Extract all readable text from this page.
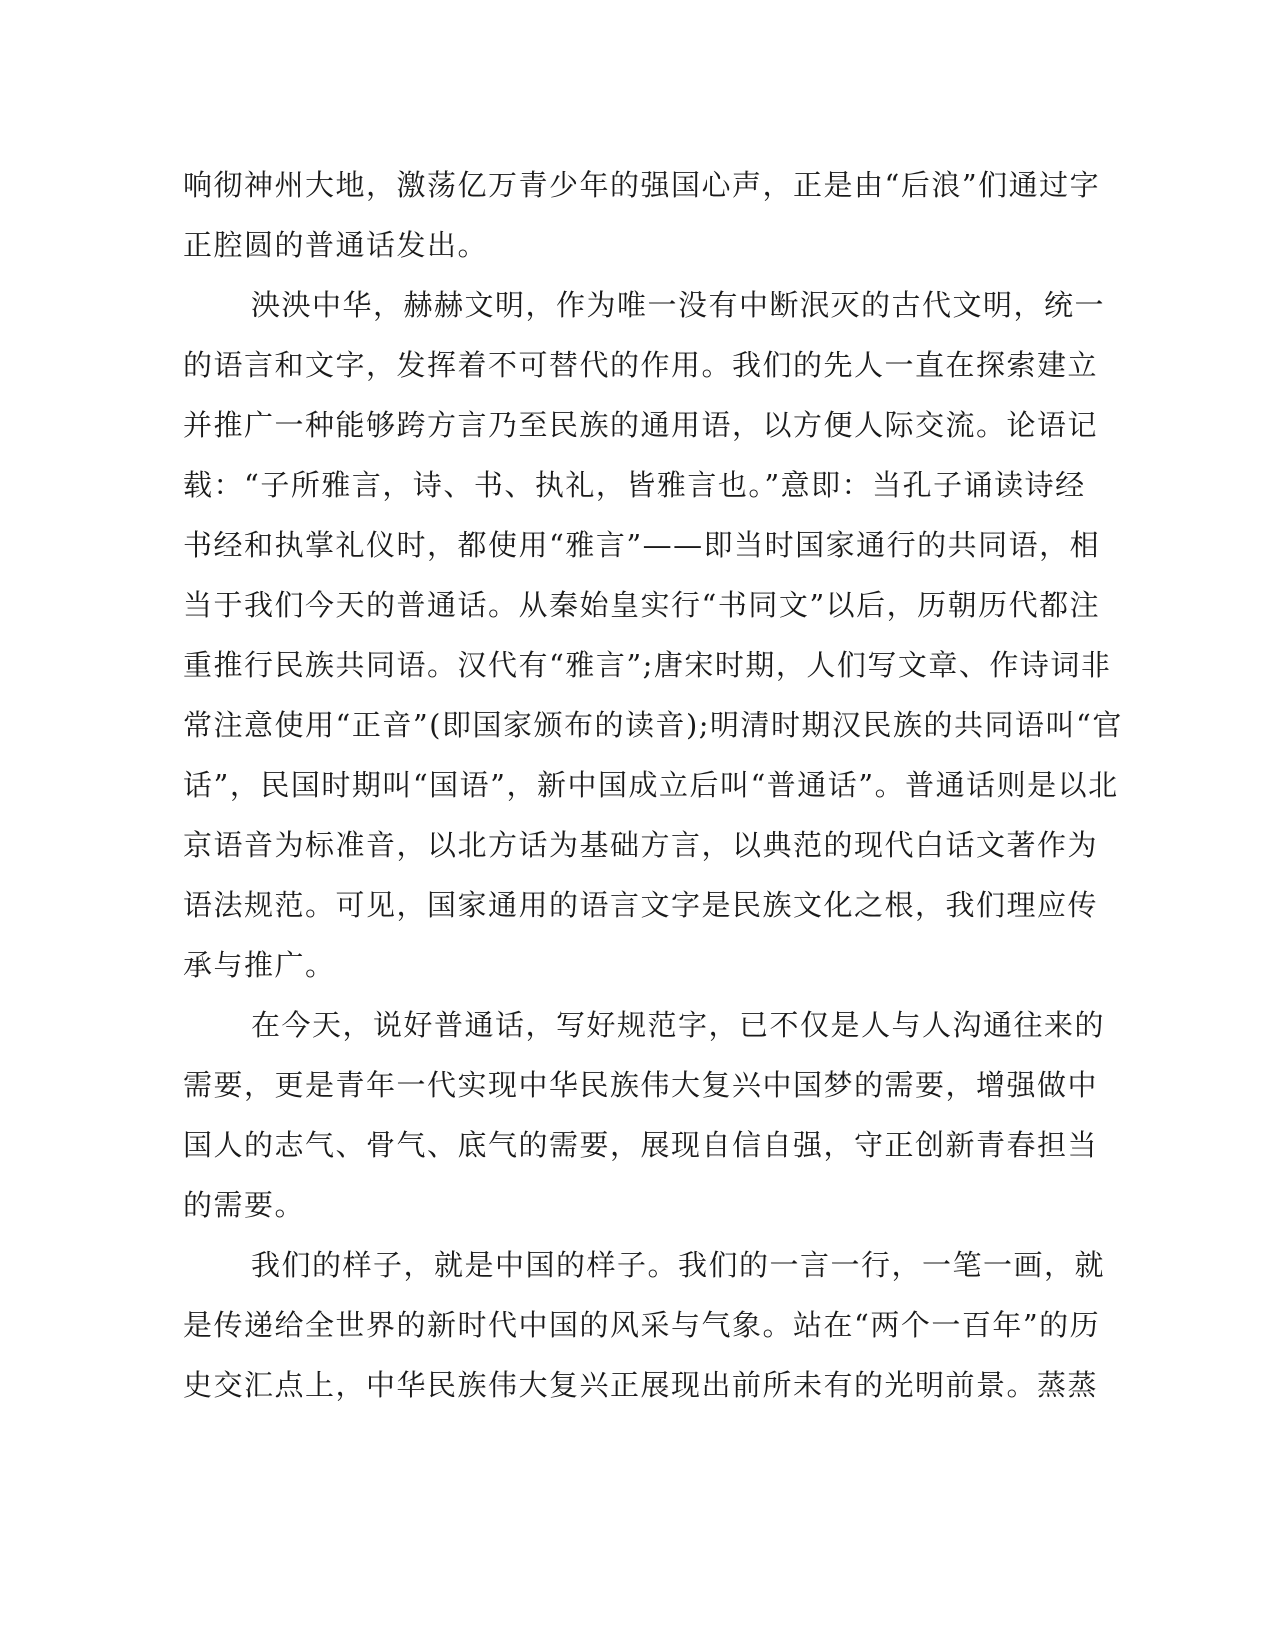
响彻神州大地，激荡亿万青少年的强国心声，正是由“后浪”们通过字
正腔圆的普通话发出。
泱泱中华，赫赫文明，作为唯一没有中断泯灭的古代文明，统一
的语言和文字，发挥着不可替代的作用。我们的先人一直在探索建立
并推广一种能够跨方言乃至民族的通用语，以方便人际交流。论语记
载：“子所雅言，诗、书、执礼，皆雅言也。”意即：当孔子诵读诗经
书经和执掌礼仪时，都使用“雅言”——即当时国家通行的共同语，相
当于我们今天的普通话。从秦始皇实行“书同文”以后，历朝历代都注
重推行民族共同语。汉代有“雅言”;唐宋时期，人们写文章、作诗词非
常注意使用“正音”(即国家颁布的读音);明清时期汉民族的共同语叫“官
话”，民国时期叫“国语”，新中国成立后叫“普通话”。普通话则是以北
京语音为标准音，以北方话为基础方言，以典范的现代白话文著作为
语法规范。可见，国家通用的语言文字是民族文化之根，我们理应传
承与推广。
在今天，说好普通话，写好规范字，已不仅是人与人沟通往来的
需要，更是青年一代实现中华民族伟大复兴中国梦的需要，增强做中
国人的志气、骨气、底气的需要，展现自信自强，守正创新青春担当
的需要。
我们的样子，就是中国的样子。我们的一言一行，一笔一画，就
是传递给全世界的新时代中国的风采与气象。站在“两个一百年”的历
史交汇点上，中华民族伟大复兴正展现出前所未有的光明前景。蒸蒸
